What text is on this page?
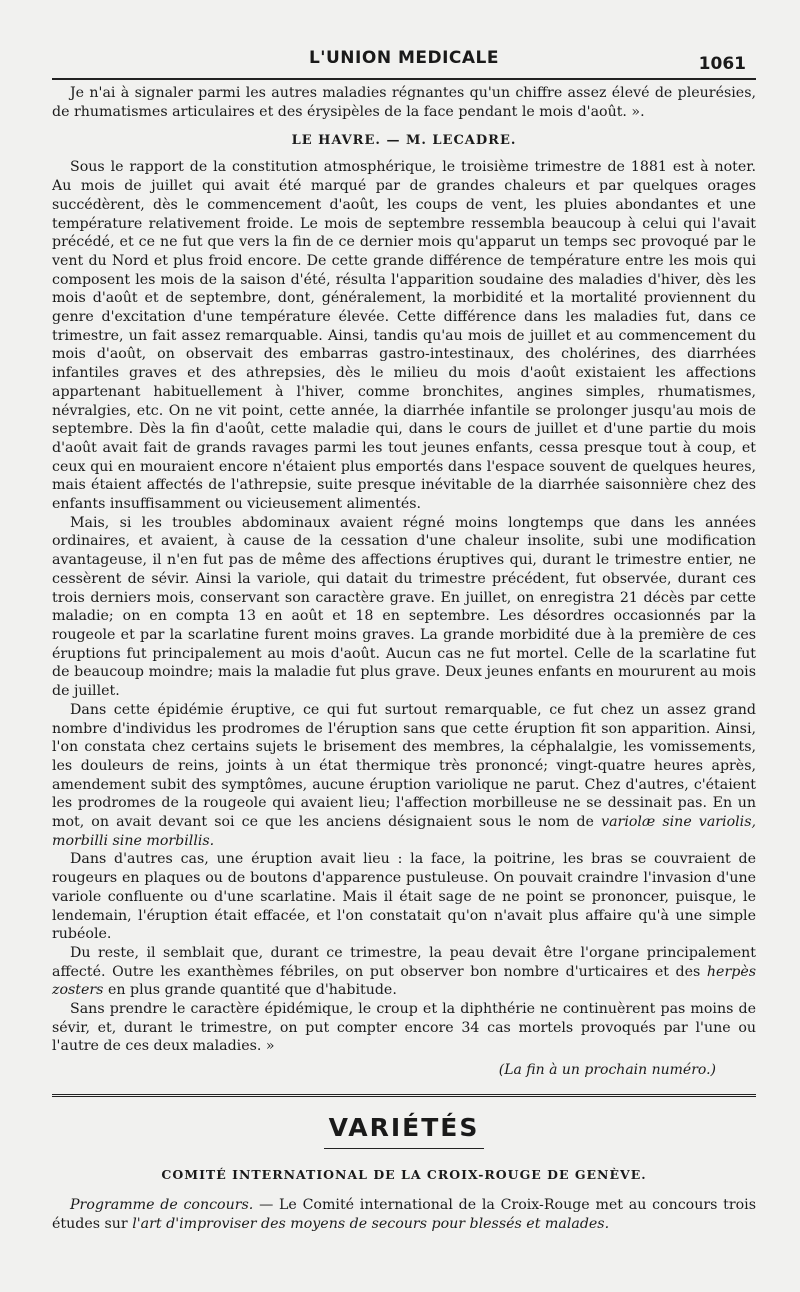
L'UNION MEDICALE	1061

Je n'ai à signaler parmi les autres maladies régnantes qu'un chiffre assez élevé de pleurésies, de rhumatismes articulaires et des érysipèles de la face pendant le mois d'août. ».

LE HAVRE. — M. LECADRE.

Sous le rapport de la constitution atmosphérique, le troisième trimestre de 1881 est à noter. Au mois de juillet qui avait été marqué par de grandes chaleurs et par quelques orages succédèrent, dès le commencement d'août, les coups de vent, les pluies abondantes et une température relativement froide. Le mois de septembre ressembla beaucoup à celui qui l'avait précédé, et ce ne fut que vers la fin de ce dernier mois qu'apparut un temps sec provoqué par le vent du Nord et plus froid encore. De cette grande différence de température entre les mois qui composent les mois de la saison d'été, résulta l'apparition soudaine des maladies d'hiver, dès les mois d'août et de septembre, dont, généralement, la morbidité et la mortalité proviennent du genre d'excitation d'une température élevée. Cette différence dans les maladies fut, dans ce trimestre, un fait assez remarquable. Ainsi, tandis qu'au mois de juillet et au commencement du mois d'août, on observait des embarras gastro-intestinaux, des cholérines, des diarrhées infantiles graves et des athrepsies, dès le milieu du mois d'août existaient les affections appartenant habituellement à l'hiver, comme bronchites, angines simples, rhumatismes, névralgies, etc. On ne vit point, cette année, la diarrhée infantile se prolonger jusqu'au mois de septembre. Dès la fin d'août, cette maladie qui, dans le cours de juillet et d'une partie du mois d'août avait fait de grands ravages parmi les tout jeunes enfants, cessa presque tout à coup, et ceux qui en mouraient encore n'étaient plus emportés dans l'espace souvent de quelques heures, mais étaient affectés de l'athrepsie, suite presque inévitable de la diarrhée saisonnière chez des enfants insuffisamment ou vicieusement alimentés.

Mais, si les troubles abdominaux avaient régné moins longtemps que dans les années ordinaires, et avaient, à cause de la cessation d'une chaleur insolite, subi une modification avantageuse, il n'en fut pas de même des affections éruptives qui, durant le trimestre entier, ne cessèrent de sévir. Ainsi la variole, qui datait du trimestre précédent, fut observée, durant ces trois derniers mois, conservant son caractère grave. En juillet, on enregistra 21 décès par cette maladie; on en compta 13 en août et 18 en septembre. Les désordres occasionnés par la rougeole et par la scarlatine furent moins graves. La grande morbidité due à la première de ces éruptions fut principalement au mois d'août. Aucun cas ne fut mortel. Celle de la scarlatine fut de beaucoup moindre; mais la maladie fut plus grave. Deux jeunes enfants en moururent au mois de juillet.

Dans cette épidémie éruptive, ce qui fut surtout remarquable, ce fut chez un assez grand nombre d'individus les prodromes de l'éruption sans que cette éruption fit son apparition. Ainsi, l'on constata chez certains sujets le brisement des membres, la céphalalgie, les vomissements, les douleurs de reins, joints à un état thermique très prononcé; vingt-quatre heures après, amendement subit des symptômes, aucune éruption variolique ne parut. Chez d'autres, c'étaient les prodromes de la rougeole qui avaient lieu; l'affection morbilleuse ne se dessinait pas. En un mot, on avait devant soi ce que les anciens désignaient sous le nom de variolæ sine variolis, morbilli sine morbillis.

Dans d'autres cas, une éruption avait lieu : la face, la poitrine, les bras se couvraient de rougeurs en plaques ou de boutons d'apparence pustuleuse. On pouvait craindre l'invasion d'une variole confluente ou d'une scarlatine. Mais il était sage de ne point se prononcer, puisque, le lendemain, l'éruption était effacée, et l'on constatait qu'on n'avait plus affaire qu'à une simple rubéole.

Du reste, il semblait que, durant ce trimestre, la peau devait être l'organe principalement affecté. Outre les exanthèmes fébriles, on put observer bon nombre d'urticaires et des herpès zosters en plus grande quantité que d'habitude.

Sans prendre le caractère épidémique, le croup et la diphthérie ne continuèrent pas moins de sévir, et, durant le trimestre, on put compter encore 34 cas mortels provoqués par l'une ou l'autre de ces deux maladies. »

(La fin à un prochain numéro.)
VARIÉTÉS
COMITÉ INTERNATIONAL DE LA CROIX-ROUGE DE GENÈVE.

Programme de concours. — Le Comité international de la Croix-Rouge met au concours trois études sur l'art d'improviser des moyens de secours pour blessés et malades.
